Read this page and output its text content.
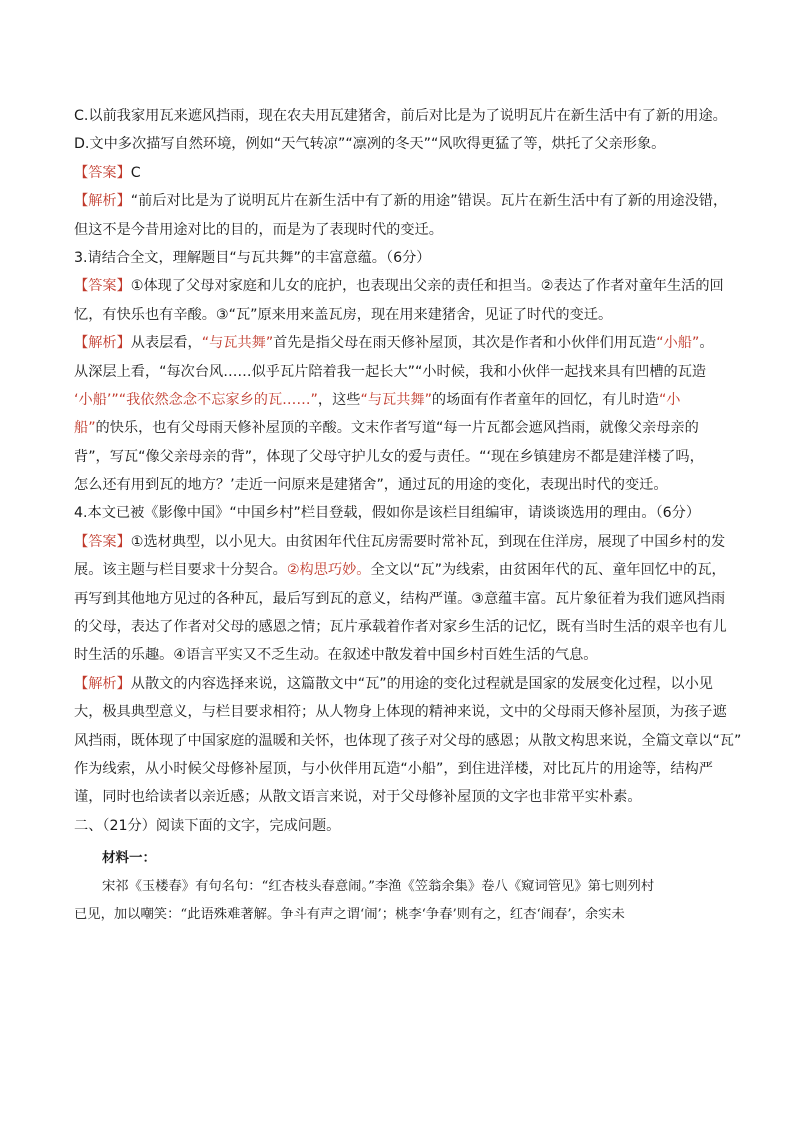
C.以前我家用瓦来遮风挡雨，现在农夫用瓦建猪舍，前后对比是为了说明瓦片在新生活中有了新的用途。
D.文中多次描写自然环境，例如“天气转凉”“凛冽的冬天”“风吹得更猛了等，烘托了父亲形象。
【答案】C
【解析】“前后对比是为了说明瓦片在新生活中有了新的用途”错误。瓦片在新生活中有了新的用途没错，
但这不是今昔用途对比的目的，而是为了表现时代的变迁。
3.请结合全文，理解题目“与瓦共舞”的丰富意蕴。（6分）
【答案】①体现了父母对家庭和儿女的庇护，也表现出父亲的责任和担当。②表达了作者对童年生活的回
忆，有快乐也有辛酸。③“瓦”原来用来盖瓦房，现在用来建猪舍，见证了时代的变迁。
【解析】从表层看，“与瓦共舞”首先是指父母在雨天修补屋顶，其次是作者和小伙伴们用瓦造“小船”。
从深层上看，“每次台风……似乎瓦片陪着我一起长大”“小时候，我和小伙伴一起找来具有凹槽的瓦造
‘小船’”“我依然念念不忘家乡的瓦……”，这些“与瓦共舞”的场面有作者童年的回忆，有儿时造“小
船”的快乐，也有父母雨天修补屋顶的辛酸。文末作者写道“每一片瓦都会遮风挡雨，就像父亲母亲的
背”，写瓦“像父亲母亲的背”，体现了父母守护儿女的爱与责任。“‘现在乡镇建房不都是建洋楼了吗，
怎么还有用到瓦的地方？’走近一问原来是建猪舍”，通过瓦的用途的变化，表现出时代的变迁。
4.本文已被《影像中国》“中国乡村”栏目登载，假如你是该栏目组编审，请谈谈选用的理由。（6分）
【答案】①选材典型，以小见大。由贫困年代住瓦房需要时常补瓦，到现在住洋房，展现了中国乡村的发
展。该主题与栏目要求十分契合。②构思巧妙。全文以“瓦”为线索，由贫困年代的瓦、童年回忆中的瓦，
再写到其他地方见过的各种瓦，最后写到瓦的意义，结构严谨。③意蕴丰富。瓦片象征着为我们遮风挡雨
的父母，表达了作者对父母的感恩之情；瓦片承载着作者对家乡生活的记忆，既有当时生活的艰辛也有儿
时生活的乐趣。④语言平实又不乏生动。在叙述中散发着中国乡村百姓生活的气息。
【解析】从散文的内容选择来说，这篇散文中“瓦”的用途的变化过程就是国家的发展变化过程，以小见
大，极具典型意义，与栏目要求相符；从人物身上体现的精神来说，文中的父母雨天修补屋顶，为孩子遮
风挡雨，既体现了中国家庭的温暖和关怀，也体现了孩子对父母的感恩；从散文构思来说，全篇文章以“瓦”
作为线索，从小时候父母修补屋顶，与小伙伴用瓦造“小船”，到住进洋楼，对比瓦片的用途等，结构严
谨，同时也给读者以亲近感；从散文语言来说，对于父母修补屋顶的文字也非常平实朴素。
二、（21分）阅读下面的文字，完成问题。
材料一：
宋祁《玉楼春》有句名句：“红杏枝头春意闹。”李渔《笠翁余集》卷八《窥词管见》第七则列村
已见，加以嘲笑：“此语殊难著解。争斗有声之谓‘闹’；桃李‘争春’则有之，红杏‘闹春’，余实未
